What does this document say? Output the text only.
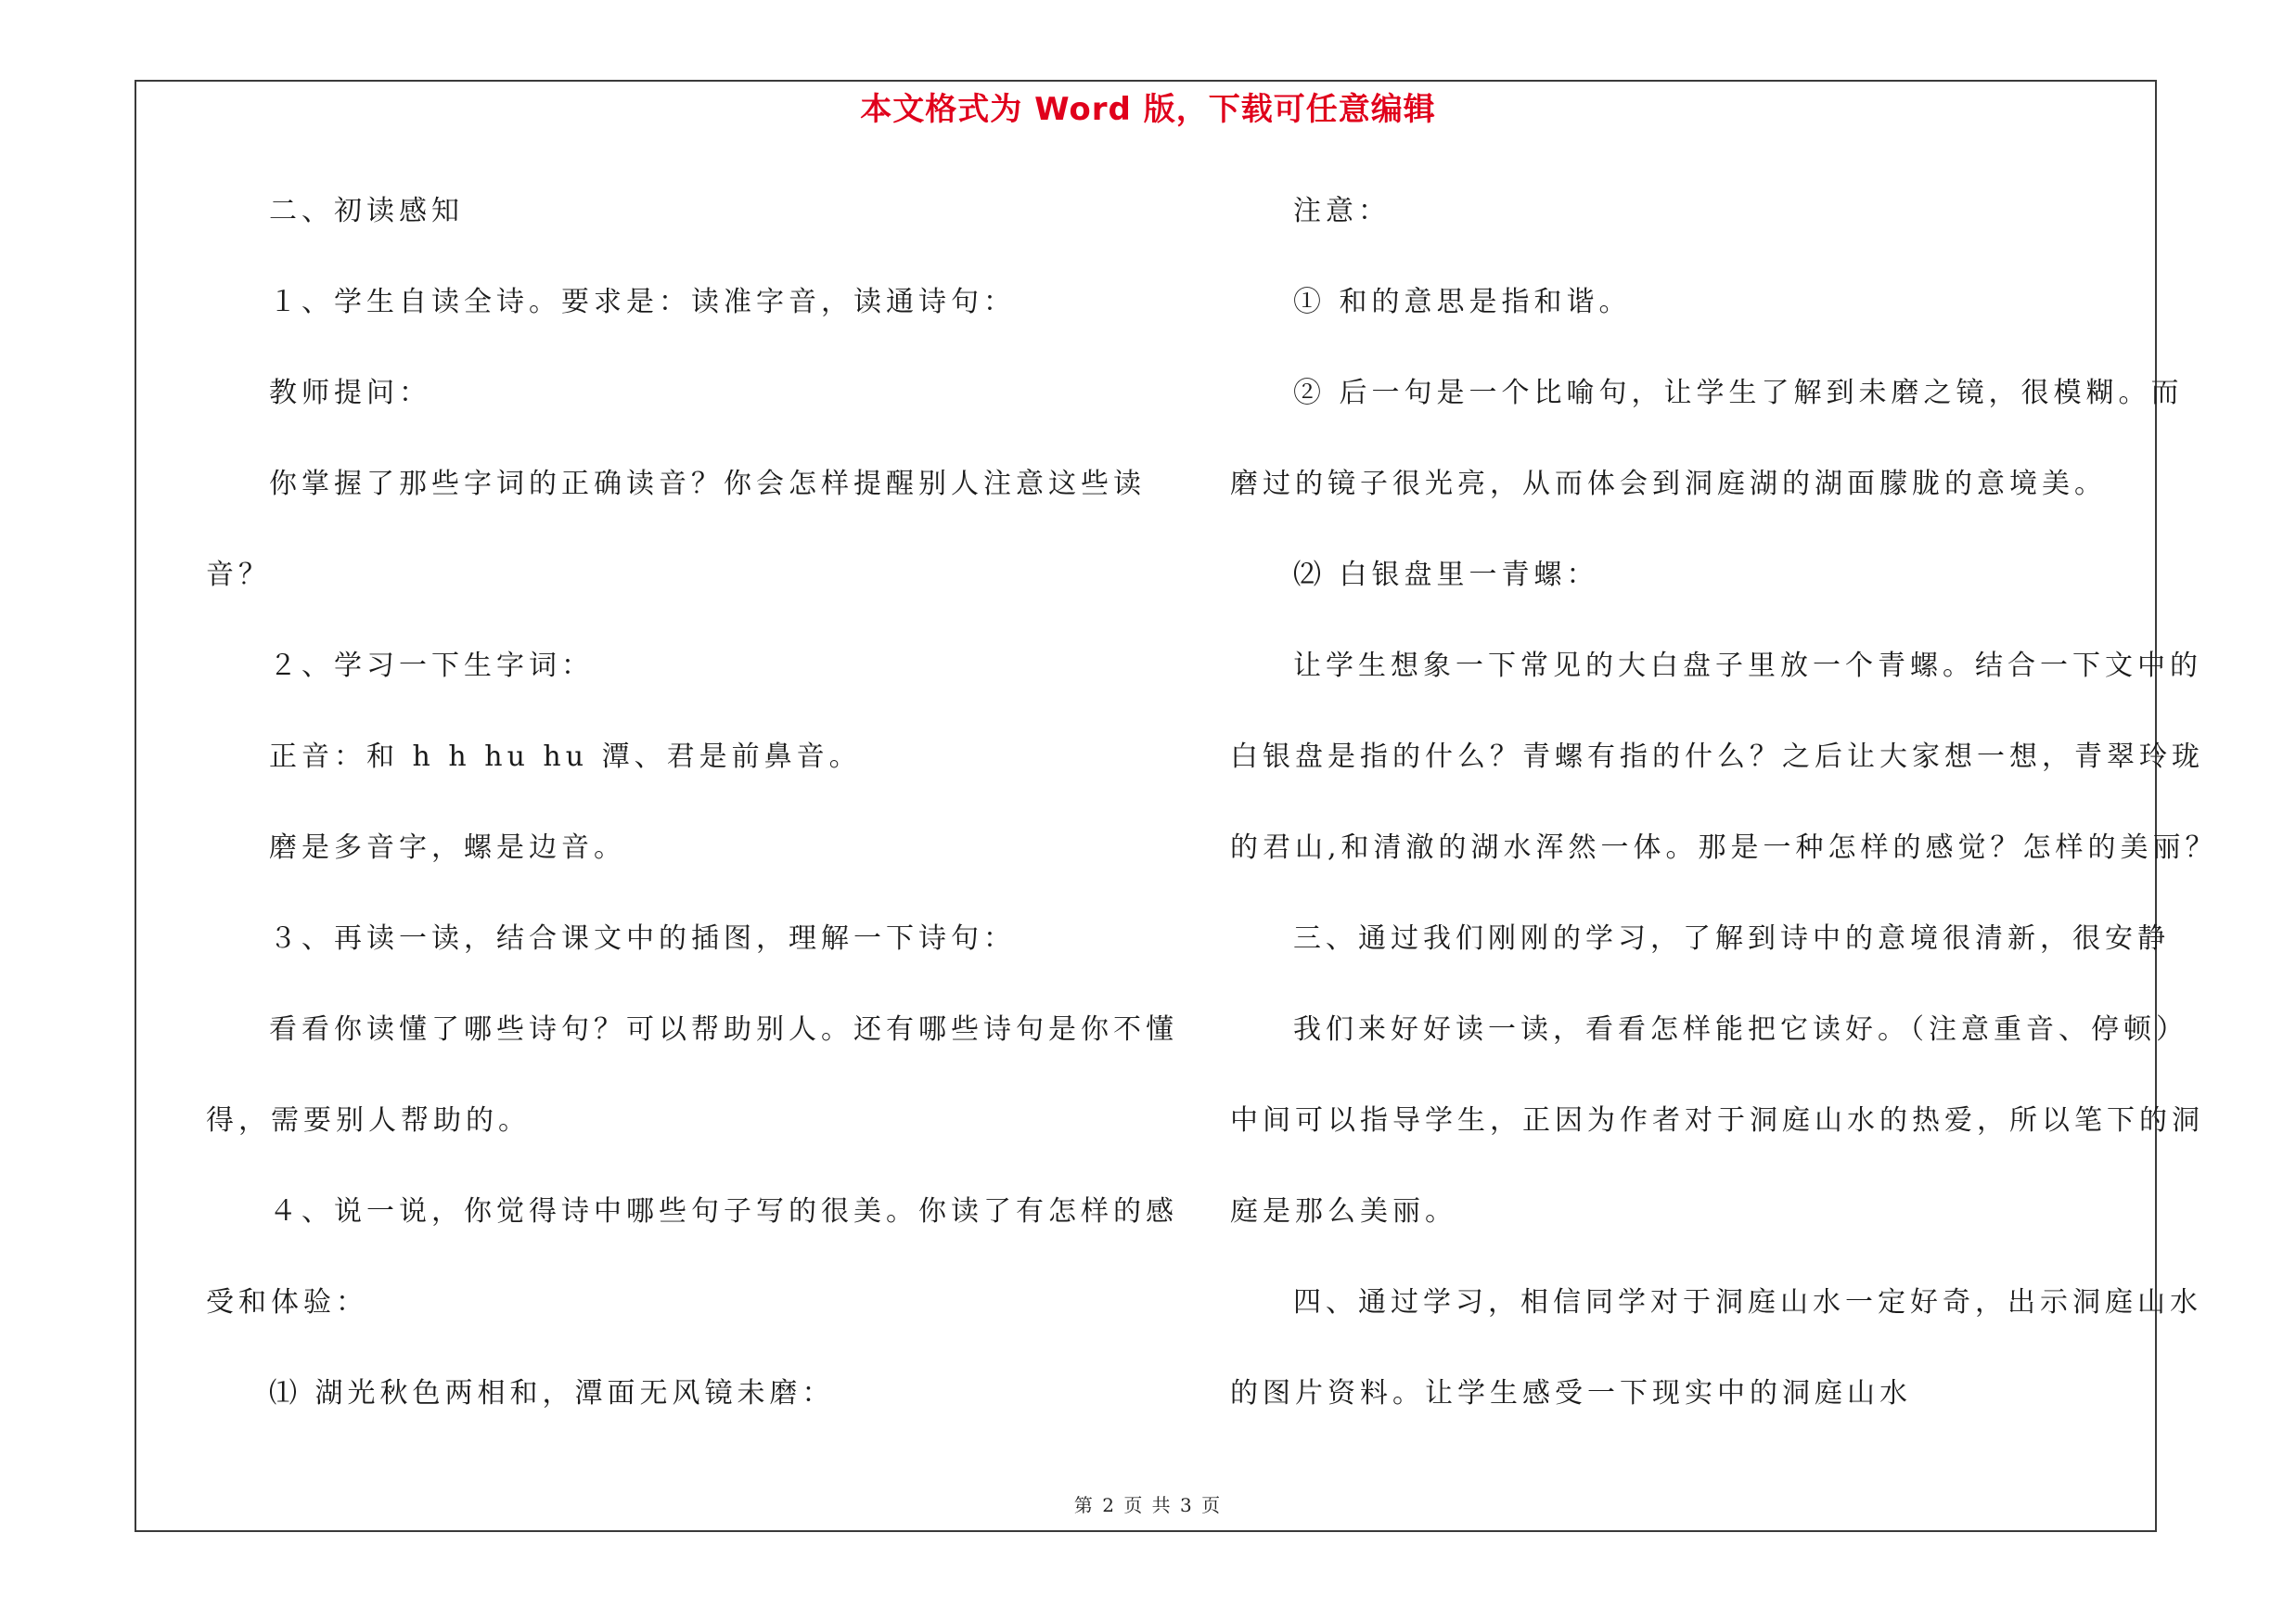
本文格式为 Word 版，下载可任意编辑
二、初读感知
１、学生自读全诗。要求是：读准字音，读通诗句：
教师提问：
你掌握了那些字词的正确读音？你会怎样提醒别人注意这些读
音？
２、学习一下生字词：
正音：和 h h hu hu 潭、君是前鼻音。
磨是多音字，螺是边音。
３、再读一读，结合课文中的插图，理解一下诗句：
看看你读懂了哪些诗句？可以帮助别人。还有哪些诗句是你不懂
得，需要别人帮助的。
４、说一说，你觉得诗中哪些句子写的很美。你读了有怎样的感
受和体验：
⑴ 湖光秋色两相和，潭面无风镜未磨：
注意：
① 和的意思是指和谐。
② 后一句是一个比喻句，让学生了解到未磨之镜，很模糊。而
磨过的镜子很光亮，从而体会到洞庭湖的湖面朦胧的意境美。
⑵ 白银盘里一青螺：
让学生想象一下常见的大白盘子里放一个青螺。结合一下文中的
白银盘是指的什么？青螺有指的什么？之后让大家想一想，青翠玲珑
的君山,和清澈的湖水浑然一体。那是一种怎样的感觉？怎样的美丽？
三、通过我们刚刚的学习，了解到诗中的意境很清新，很安静
我们来好好读一读，看看怎样能把它读好。（注意重音、停顿）
中间可以指导学生，正因为作者对于洞庭山水的热爱，所以笔下的洞
庭是那么美丽。
四、通过学习，相信同学对于洞庭山水一定好奇，出示洞庭山水
的图片资料。让学生感受一下现实中的洞庭山水
第 2 页 共 3 页
